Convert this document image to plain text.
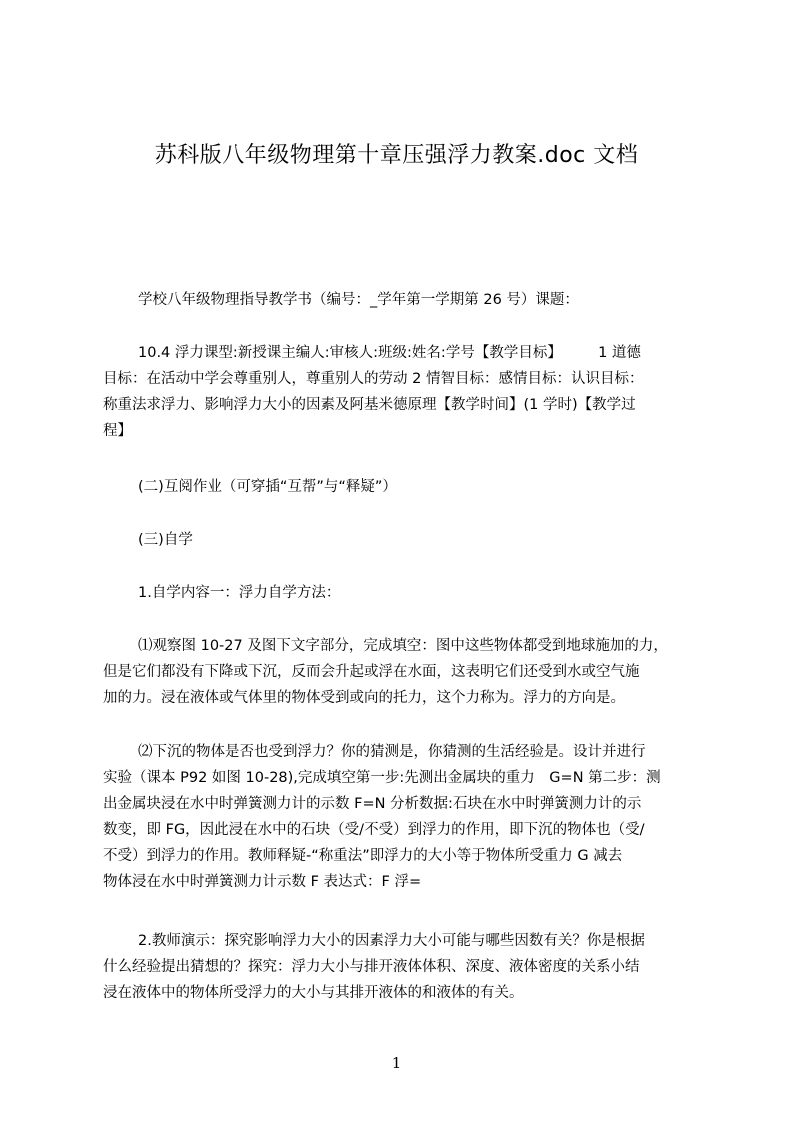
苏科版八年级物理第十章压强浮力教案.doc 文档
学校八年级物理指导教学书（编号：_学年第一学期第 26 号）课题：
10.4 浮力课型:新授课主编人:审核人:班级:姓名:学号【教学目标】　　　1 道德
目标：在活动中学会尊重别人，尊重别人的劳动 2 情智目标：感情目标：认识目标：
称重法求浮力、影响浮力大小的因素及阿基米德原理【教学时间】(1 学时)【教学过
程】
(二)互阅作业（可穿插“互帮”与“释疑”）
(三)自学
1.自学内容一：浮力自学方法：
⑴观察图 10-27 及图下文字部分，完成填空：图中这些物体都受到地球施加的力，
但是它们都没有下降或下沉，反而会升起或浮在水面，这表明它们还受到水或空气施
加的力。浸在液体或气体里的物体受到或向的托力，这个力称为。浮力的方向是。
⑵下沉的物体是否也受到浮力？你的猜测是，你猜测的生活经验是。设计并进行
实验（课本 P92 如图 10-28),完成填空第一步:先测出金属块的重力　G=N 第二步：测
出金属块浸在水中时弹簧测力计的示数 F=N 分析数据:石块在水中时弹簧测力计的示
数变，即 FG，因此浸在水中的石块（受/不受）到浮力的作用，即下沉的物体也（受/
不受）到浮力的作用。教师释疑-“称重法”即浮力的大小等于物体所受重力 G 减去
物体浸在水中时弹簧测力计示数 F 表达式：F 浮=
2.教师演示：探究影响浮力大小的因素浮力大小可能与哪些因数有关？你是根据
什么经验提出猜想的？探究：浮力大小与排开液体体积、深度、液体密度的关系小结
浸在液体中的物体所受浮力的大小与其排开液体的和液体的有关。
1
